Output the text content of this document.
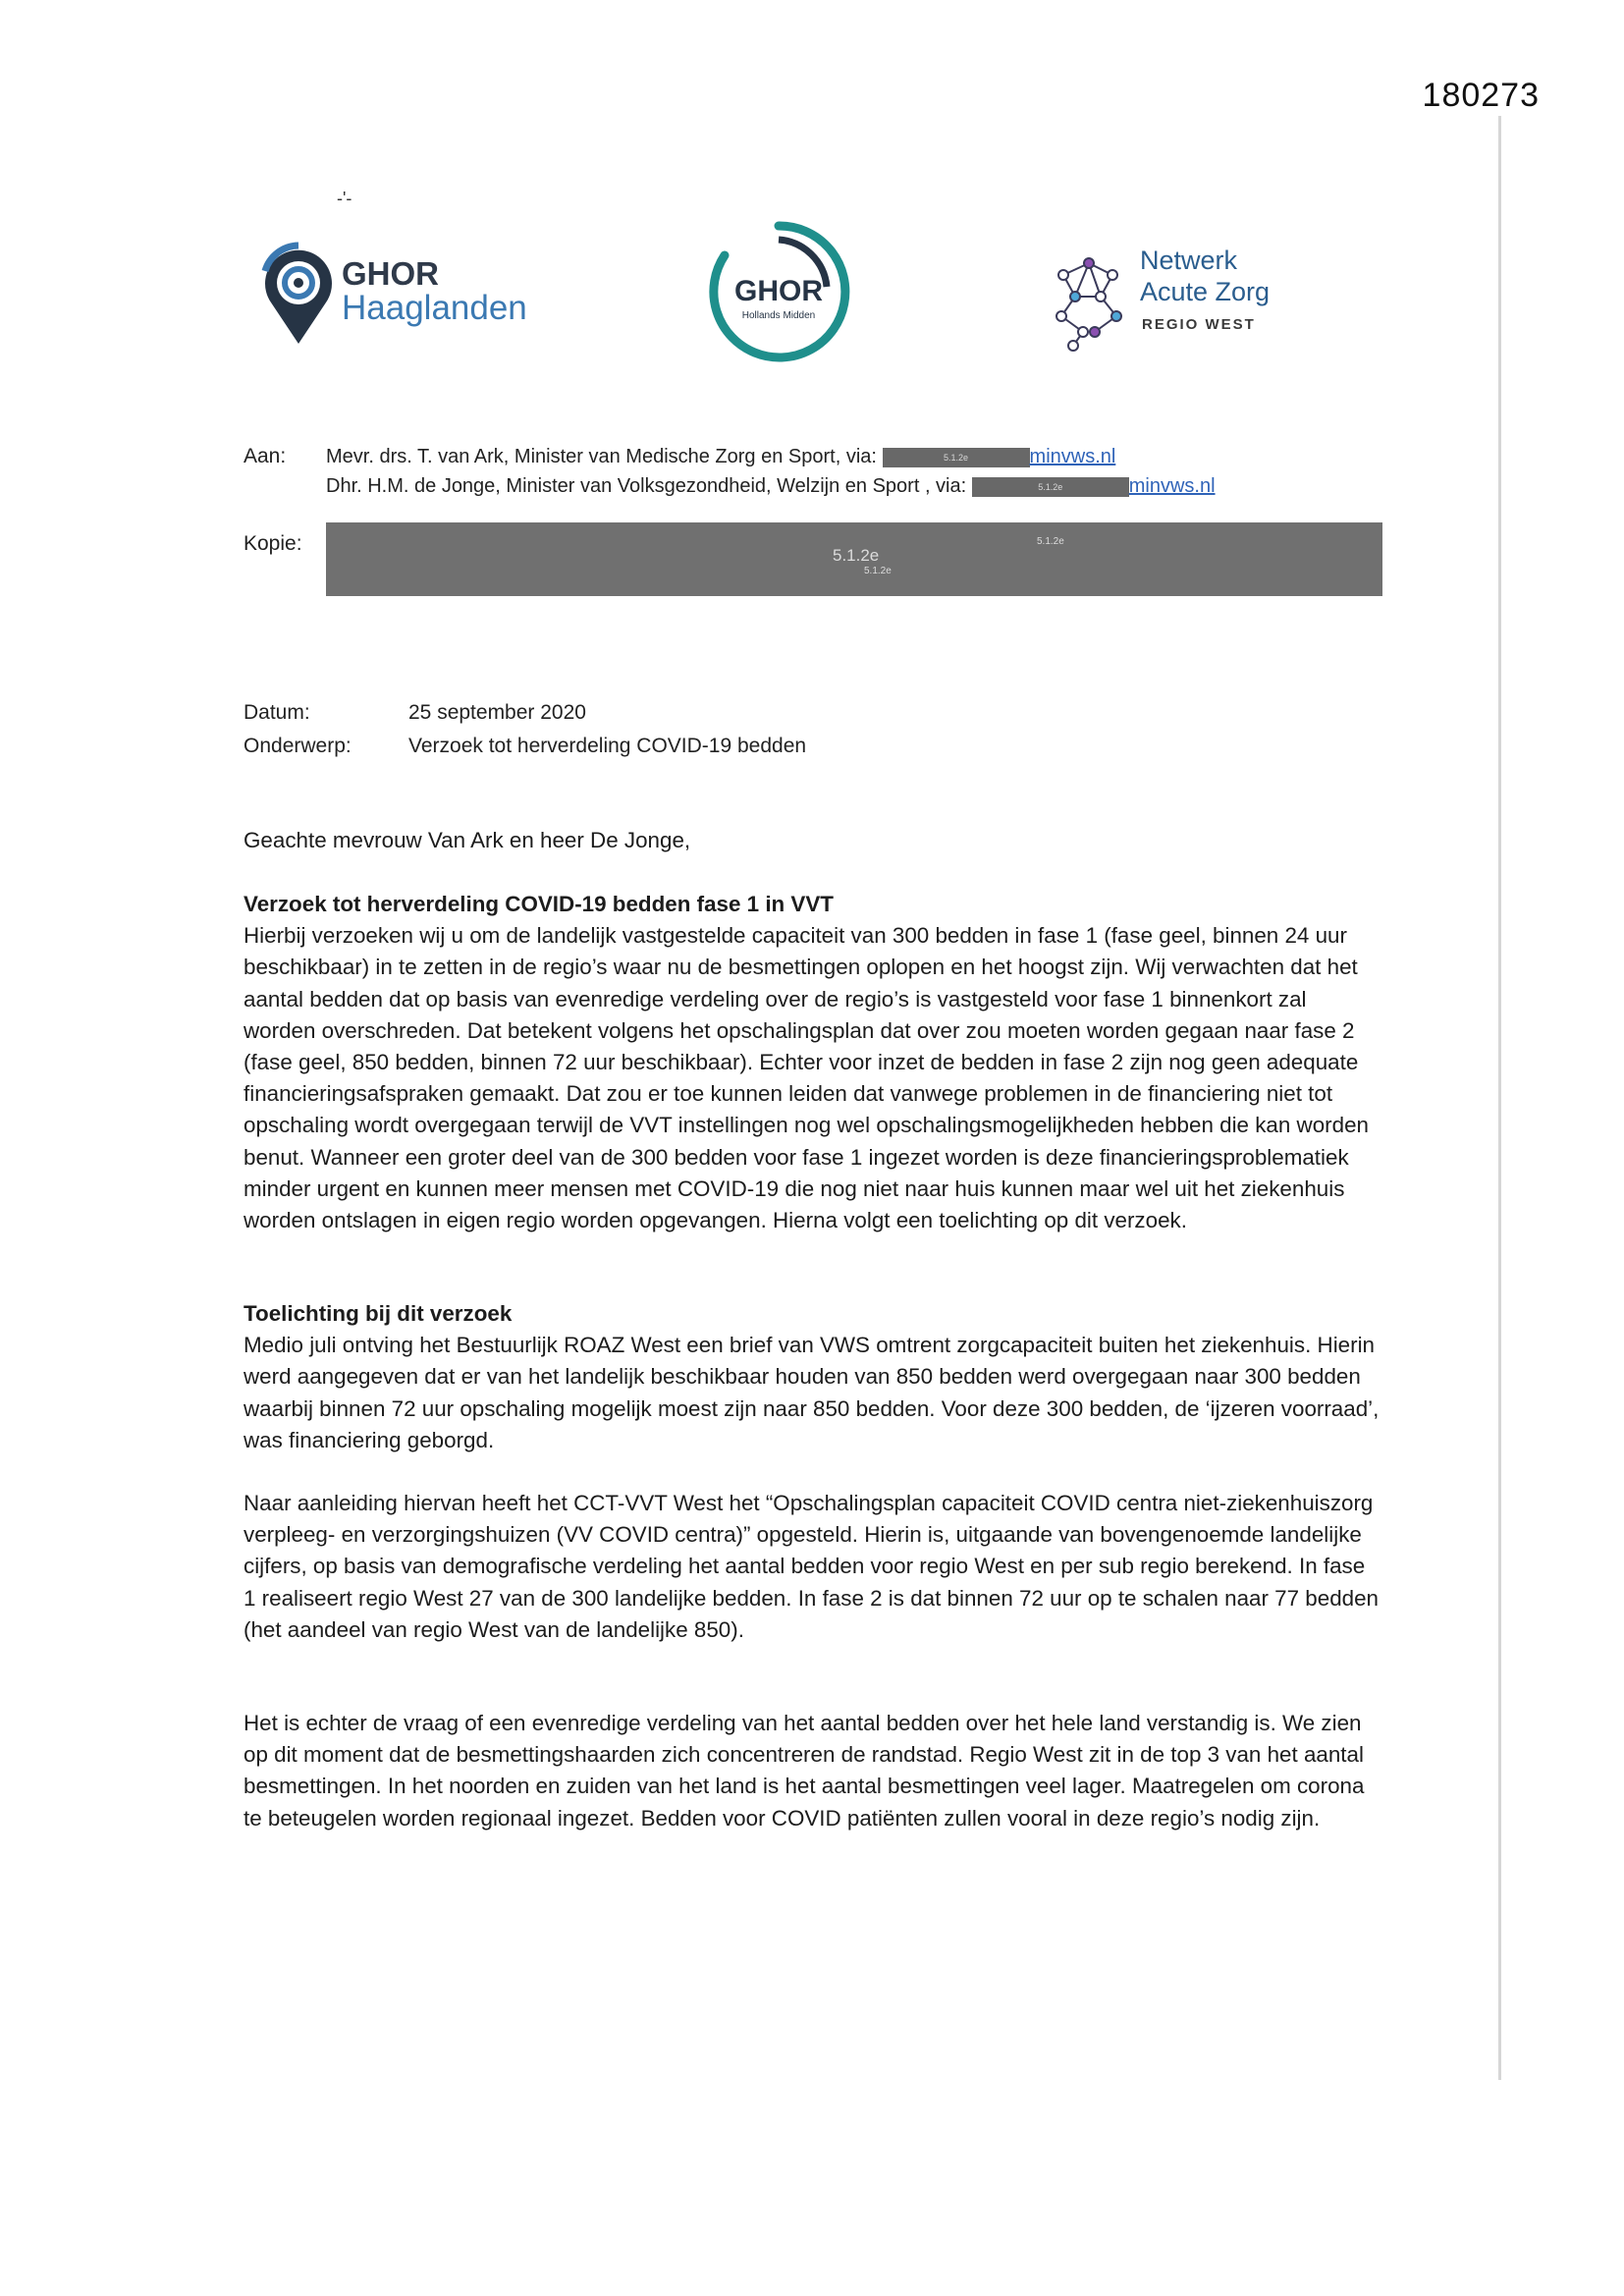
180273
-'-
GHOR
Haaglanden	GHOR
Hollands Midden
Netwerk
Acute Zorg
REGIO WEST
Aan: Mevr. drs. T. van Ark, Minister van Medische Zorg en Sport, via:	5.1.2e	minvws.nl
Dhr. H.M. de Jonge, Minister van Volksgezondheid, Welzijn en Sport , via:	5.1.2e	minvws.nl
Kopie:
5.1.2e
5.1.2e
5.1.2e
Datum:	25 september 2020
Onderwerp:	Verzoek tot herverdeling COVID-19 bedden

Geachte mevrouw Van Ark en heer De Jonge,

Verzoek tot herverdeling COVID-19 bedden fase 1 in VVT

Hierbij verzoeken wij u om de landelijk vastgestelde capaciteit van 300 bedden in fase 1 (fase geel, binnen 24 uur beschikbaar) in te zetten in de regio’s waar nu de besmettingen oplopen en het hoogst zijn. Wij verwachten dat het aantal bedden dat op basis van evenredige verdeling over de regio’s is vastgesteld voor fase 1 binnenkort zal worden overschreden. Dat betekent volgens het opschalingsplan dat over zou moeten worden gegaan naar fase 2 (fase geel, 850 bedden, binnen 72 uur beschikbaar). Echter voor inzet de bedden in fase 2 zijn nog geen adequate financieringsafspraken gemaakt. Dat zou er toe kunnen leiden dat vanwege problemen in de financiering niet tot opschaling wordt overgegaan terwijl de VVT instellingen nog wel opschalingsmogelijkheden hebben die kan worden benut. Wanneer een groter deel van de 300 bedden voor fase 1 ingezet worden is deze financieringsproblematiek minder urgent en kunnen meer mensen met COVID-19 die nog niet naar huis kunnen maar wel uit het ziekenhuis worden ontslagen in eigen regio worden opgevangen. Hierna volgt een toelichting op dit verzoek.

Toelichting bij dit verzoek

Medio juli ontving het Bestuurlijk ROAZ West een brief van VWS omtrent zorgcapaciteit buiten het ziekenhuis. Hierin werd aangegeven dat er van het landelijk beschikbaar houden van 850 bedden werd overgegaan naar 300 bedden waarbij binnen 72 uur opschaling mogelijk moest zijn naar 850 bedden. Voor deze 300 bedden, de ‘ijzeren voorraad’, was financiering geborgd.

Naar aanleiding hiervan heeft het CCT-VVT West het “Opschalingsplan capaciteit COVID centra niet-ziekenhuiszorg verpleeg- en verzorgingshuizen (VV COVID centra)” opgesteld. Hierin is, uitgaande van bovengenoemde landelijke cijfers, op basis van demografische verdeling het aantal bedden voor regio West en per sub regio berekend. In fase 1 realiseert regio West 27 van de 300 landelijke bedden. In fase 2 is dat binnen 72 uur op te schalen naar 77 bedden (het aandeel van regio West van de landelijke 850).

Het is echter de vraag of een evenredige verdeling van het aantal bedden over het hele land verstandig is. We zien op dit moment dat de besmettingshaarden zich concentreren de randstad. Regio West zit in de top 3 van het aantal besmettingen. In het noorden en zuiden van het land is het aantal besmettingen veel lager. Maatregelen om corona te beteugelen worden regionaal ingezet. Bedden voor COVID patiënten zullen vooral in deze regio’s nodig zijn.
